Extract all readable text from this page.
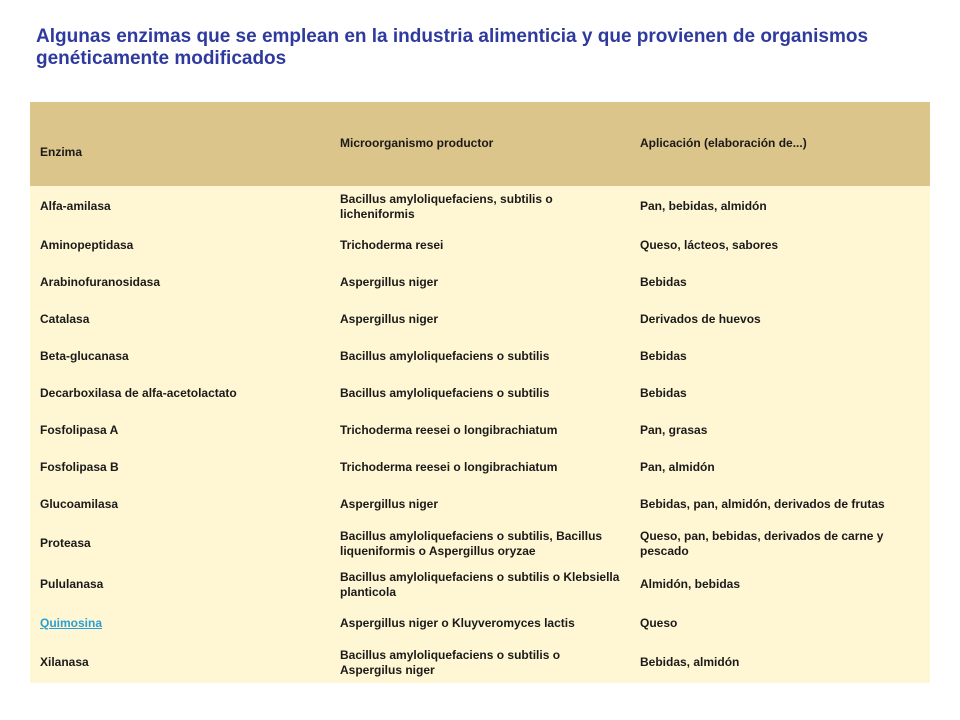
Algunas enzimas que se emplean en la industria alimenticia y que provienen de organismos genéticamente modificados
Enzima	Microorganismo productor	Aplicación (elaboración de...)
Alfa-amilasa	Bacillus amyloliquefaciens, subtilis o licheniformis	Pan, bebidas, almidón
Aminopeptidasa	Trichoderma resei	Queso, lácteos, sabores
Arabinofuranosidasa	Aspergillus niger	Bebidas
Catalasa	Aspergillus niger	Derivados de huevos
Beta-glucanasa	Bacillus amyloliquefaciens o subtilis	Bebidas
Decarboxilasa de alfa-acetolactato	Bacillus amyloliquefaciens o subtilis	Bebidas
Fosfolipasa A	Trichoderma reesei o longibrachiatum	Pan, grasas
Fosfolipasa B	Trichoderma reesei o longibrachiatum	Pan, almidón
Glucoamilasa	Aspergillus niger	Bebidas, pan, almidón, derivados de frutas
Proteasa	Bacillus amyloliquefaciens o subtilis, Bacillus liqueniformis o Aspergillus oryzae	Queso, pan, bebidas, derivados de carne y pescado
Pululanasa	Bacillus amyloliquefaciens o subtilis o Klebsiella planticola	Almidón, bebidas
Quimosina	Aspergillus niger o Kluyveromyces lactis	Queso
Xilanasa	Bacillus amyloliquefaciens o subtilis o Aspergilus niger	Bebidas, almidón
